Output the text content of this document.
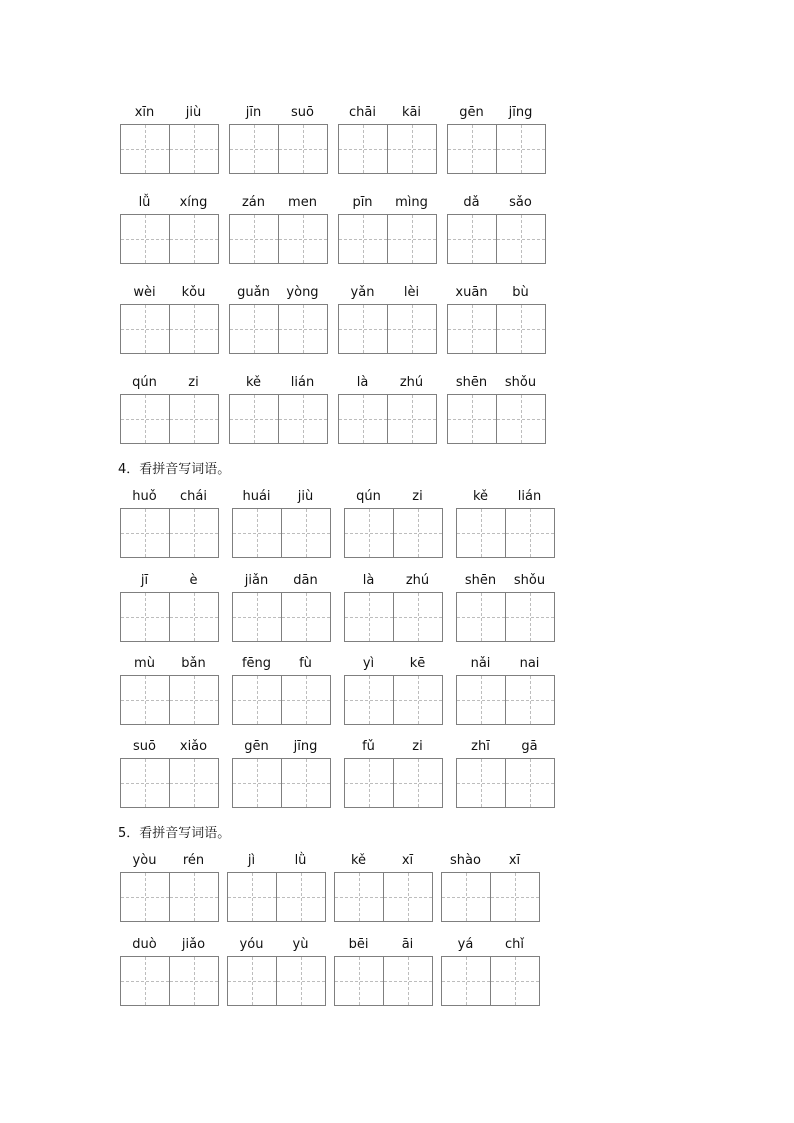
xīn	jiù	jīn	suō	chāi	kāi	gēn	jīng
lǚ	xíng	zán	men	pīn	mìng	dǎ	sǎo
wèi	kǒu	guǎn	yòng	yǎn	lèi	xuān	bù
qún	zi	kě	lián	là	zhú	shēn	shǒu
4．看拼音写词语。
huǒ	chái	huái	jiù	qún	zi	kě	lián
jī	è	jiǎn	dān	là	zhú	shēn	shǒu
mù	bǎn	fēng	fù	yì	kē	nǎi	nai
suō	xiǎo	gēn	jīng	fǔ	zi	zhī	gā
5．看拼音写词语。
yòu	rén	jì	lǜ	kě	xī	shào	xī
duò	jiǎo	yóu	yù	bēi	āi	yá	chǐ
